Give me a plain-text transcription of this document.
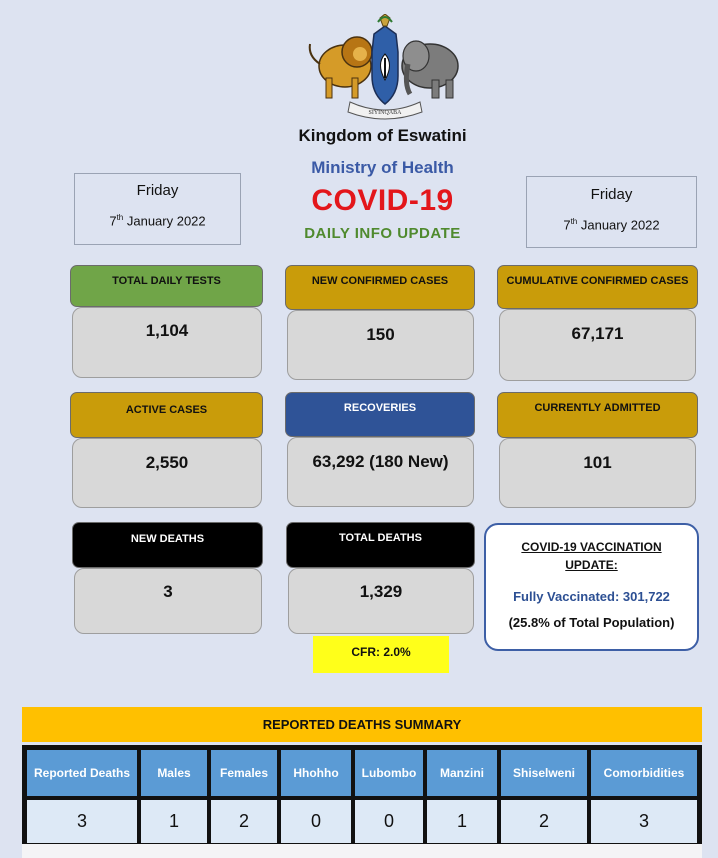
SIYINQABA
Kingdom of Eswatini
Ministry of Health
COVID-19
DAILY INFO UPDATE
Friday
7th January 2022
Friday
7th January 2022
TOTAL DAILY TESTS
1,104
NEW CONFIRMED CASES
150
CUMULATIVE CONFIRMED CASES
67,171
ACTIVE CASES
2,550
RECOVERIES
63,292 (180 New)
CURRENTLY ADMITTED
101
NEW DEATHS
3
TOTAL DEATHS
1,329
CFR: 2.0%
COVID-19 VACCINATION
UPDATE:
Fully Vaccinated: 301,722
(25.8% of Total Population)
REPORTED DEATHS SUMMARY
Reported Deaths	Males	Females	Hhohho	Lubombo	Manzini	Shiselweni	Comorbidities
3	1	2	0	0	1	2	3
